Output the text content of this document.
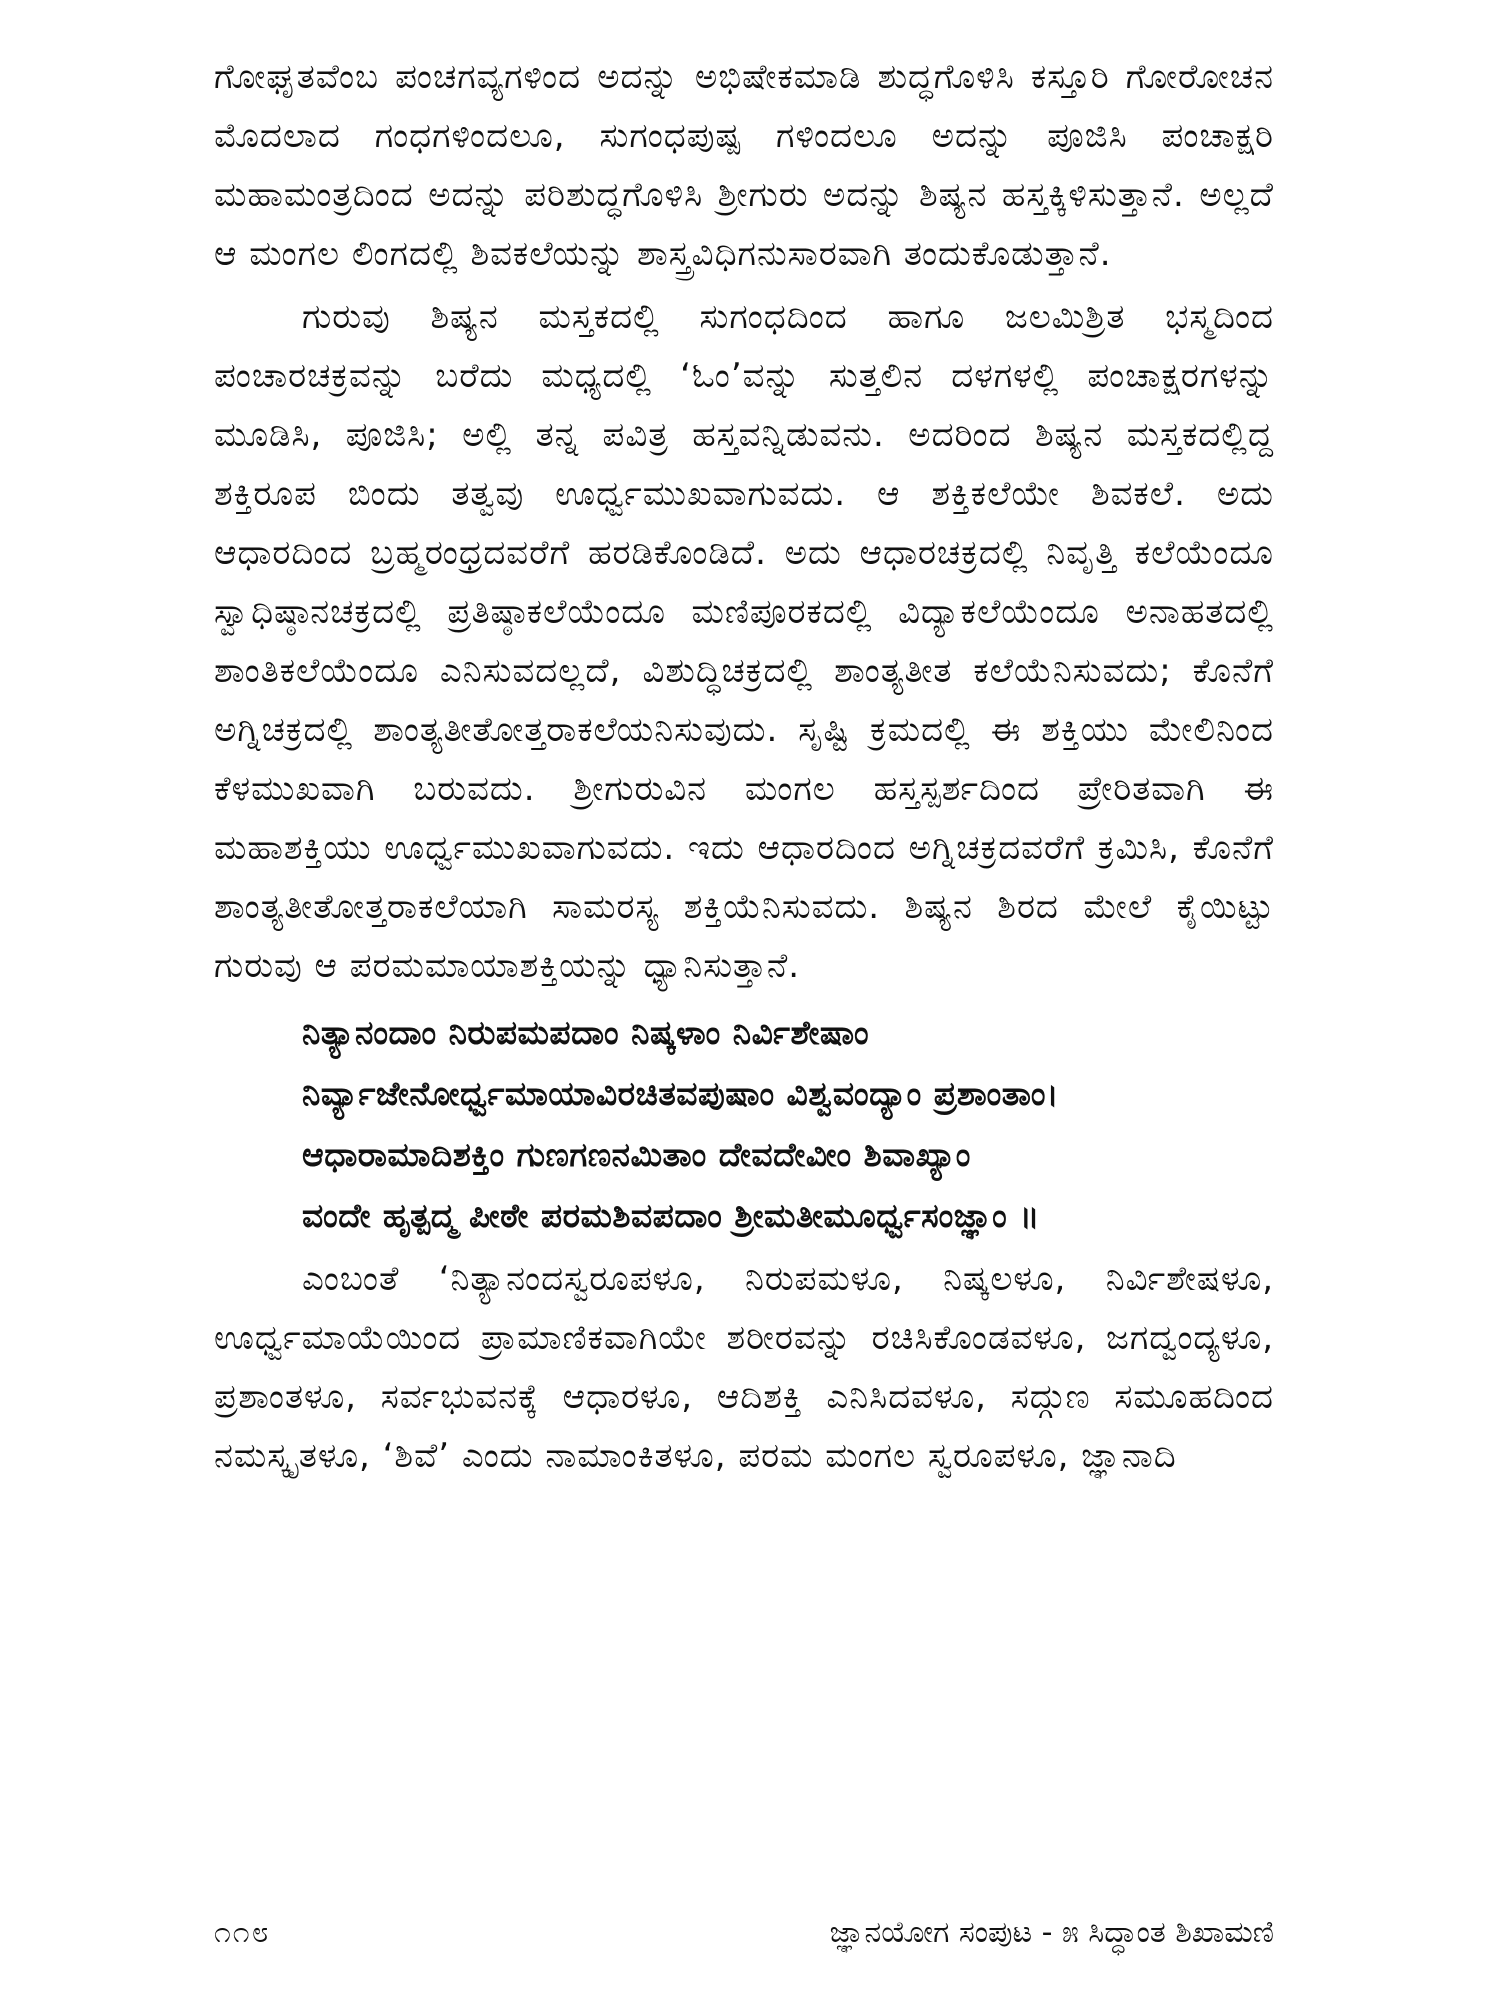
ಗೋಘೃತವೆಂಬ ಪಂಚಗವ್ಯಗಳಿಂದ ಅದನ್ನು ಅಭಿಷೇಕಮಾಡಿ ಶುದ್ಧಗೊಳಿಸಿ ಕಸ್ತೂರಿ ಗೋರೋಚನ ಮೊದಲಾದ ಗಂಧಗಳಿಂದಲೂ, ಸುಗಂಧಪುಷ್ಪ ಗಳಿಂದಲೂ ಅದನ್ನು ಪೂಜಿಸಿ ಪಂಚಾಕ್ಷರಿ ಮಹಾಮಂತ್ರದಿಂದ ಅದನ್ನು ಪರಿಶುದ್ಧಗೊಳಿಸಿ ಶ್ರೀಗುರು ಅದನ್ನು ಶಿಷ್ಯನ ಹಸ್ತಕ್ಕಿಳಿಸುತ್ತಾನೆ. ಅಲ್ಲದೆ ಆ ಮಂಗಲ ಲಿಂಗದಲ್ಲಿ ಶಿವಕಲೆಯನ್ನು ಶಾಸ್ತ್ರವಿಧಿಗನುಸಾರವಾಗಿ ತಂದುಕೊಡುತ್ತಾನೆ.

ಗುರುವು ಶಿಷ್ಯನ ಮಸ್ತಕದಲ್ಲಿ ಸುಗಂಧದಿಂದ ಹಾಗೂ ಜಲಮಿಶ್ರಿತ ಭಸ್ಮದಿಂದ ಪಂಚಾರಚಕ್ರವನ್ನು ಬರೆದು ಮಧ್ಯದಲ್ಲಿ ‘ಓಂ’ವನ್ನು ಸುತ್ತಲಿನ ದಳಗಳಲ್ಲಿ ಪಂಚಾಕ್ಷರಗಳನ್ನು ಮೂಡಿಸಿ, ಪೂಜಿಸಿ; ಅಲ್ಲಿ ತನ್ನ ಪವಿತ್ರ ಹಸ್ತವನ್ನಿಡುವನು. ಅದರಿಂದ ಶಿಷ್ಯನ ಮಸ್ತಕದಲ್ಲಿದ್ದ ಶಕ್ತಿರೂಪ ಬಿಂದು ತತ್ವವು ಊರ್ಧ್ವಮುಖವಾಗುವದು. ಆ ಶಕ್ತಿಕಲೆಯೇ ಶಿವಕಲೆ. ಅದು ಆಧಾರದಿಂದ ಬ್ರಹ್ಮರಂಧ್ರದವರೆಗೆ ಹರಡಿಕೊಂಡಿದೆ. ಅದು ಆಧಾರಚಕ್ರದಲ್ಲಿ ನಿವೃತ್ತಿ ಕಲೆಯೆಂದೂ ಸ್ವಾಧಿಷ್ಠಾನಚಕ್ರದಲ್ಲಿ ಪ್ರತಿಷ್ಠಾಕಲೆಯೆಂದೂ ಮಣಿಪೂರಕದಲ್ಲಿ ವಿದ್ಯಾಕಲೆಯೆಂದೂ ಅನಾಹತದಲ್ಲಿ ಶಾಂತಿಕಲೆಯೆಂದೂ ಎನಿಸುವದಲ್ಲದೆ, ವಿಶುದ್ಧಿಚಕ್ರದಲ್ಲಿ ಶಾಂತ್ಯತೀತ ಕಲೆಯೆನಿಸುವದು; ಕೊನೆಗೆ ಅಗ್ನಿಚಕ್ರದಲ್ಲಿ ಶಾಂತ್ಯತೀತೋತ್ತರಾಕಲೆಯನಿಸುವುದು. ಸೃಷ್ಟಿ ಕ್ರಮದಲ್ಲಿ ಈ ಶಕ್ತಿಯು ಮೇಲಿನಿಂದ ಕೆಳಮುಖವಾಗಿ ಬರುವದು. ಶ್ರೀಗುರುವಿನ ಮಂಗಲ ಹಸ್ತಸ್ಪರ್ಶದಿಂದ ಪ್ರೇರಿತವಾಗಿ ಈ ಮಹಾಶಕ್ತಿಯು ಊರ್ಧ್ವಮುಖವಾಗುವದು. ಇದು ಆಧಾರದಿಂದ ಅಗ್ನಿಚಕ್ರದವರೆಗೆ ಕ್ರಮಿಸಿ, ಕೊನೆಗೆ ಶಾಂತ್ಯತೀತೋತ್ತರಾಕಲೆಯಾಗಿ ಸಾಮರಸ್ಯ ಶಕ್ತಿಯೆನಿಸುವದು. ಶಿಷ್ಯನ ಶಿರದ ಮೇಲೆ ಕೈಯಿಟ್ಟು ಗುರುವು ಆ ಪರಮಮಾಯಾಶಕ್ತಿಯನ್ನು ಧ್ಯಾನಿಸುತ್ತಾನೆ.

ನಿತ್ಯಾನಂದಾಂ ನಿರುಪಮಪದಾಂ ನಿಷ್ಕಳಾಂ ನಿರ್ವಿಶೇಷಾಂ
ನಿರ್ವ್ಯಾಜೇನೋರ್ಧ್ವಮಾಯಾವಿರಚಿತವಪುಷಾಂ ವಿಶ್ವವಂದ್ಯಾಂ ಪ್ರಶಾಂತಾಂ।
ಆಧಾರಾಮಾದಿಶಕ್ತಿಂ ಗುಣಗಣನಮಿತಾಂ ದೇವದೇವೀಂ ಶಿವಾಖ್ಯಾಂ
ವಂದೇ ಹೃತ್ಪದ್ಮ ಪೀಠೇ ಪರಮಶಿವಪದಾಂ ಶ್ರೀಮತೀಮೂರ್ಧ್ವಸಂಜ್ಞಾಂ ॥

ಎಂಬಂತೆ ‘ನಿತ್ಯಾನಂದಸ್ವರೂಪಳೂ, ನಿರುಪಮಳೂ, ನಿಷ್ಕಲಳೂ, ನಿರ್ವಿಶೇಷಳೂ, ಊರ್ಧ್ವಮಾಯೆಯಿಂದ ಪ್ರಾಮಾಣಿಕವಾಗಿಯೇ ಶರೀರವನ್ನು ರಚಿಸಿಕೊಂಡವಳೂ, ಜಗದ್ವಂದ್ಯಳೂ, ಪ್ರಶಾಂತಳೂ, ಸರ್ವಭುವನಕ್ಕೆ ಆಧಾರಳೂ, ಆದಿಶಕ್ತಿ ಎನಿಸಿದವಳೂ, ಸದ್ಗುಣ ಸಮೂಹದಿಂದ ನಮಸ್ಕೃತಳೂ, ‘ಶಿವೆ’ ಎಂದು ನಾಮಾಂಕಿತಳೂ, ಪರಮ ಮಂಗಲ ಸ್ವರೂಪಳೂ, ಜ್ಞಾನಾದಿ

೧೧೮	ಜ್ಞಾನಯೋಗ ಸಂಪುಟ - ೫ ಸಿದ್ಧಾಂತ ಶಿಖಾಮಣಿ
